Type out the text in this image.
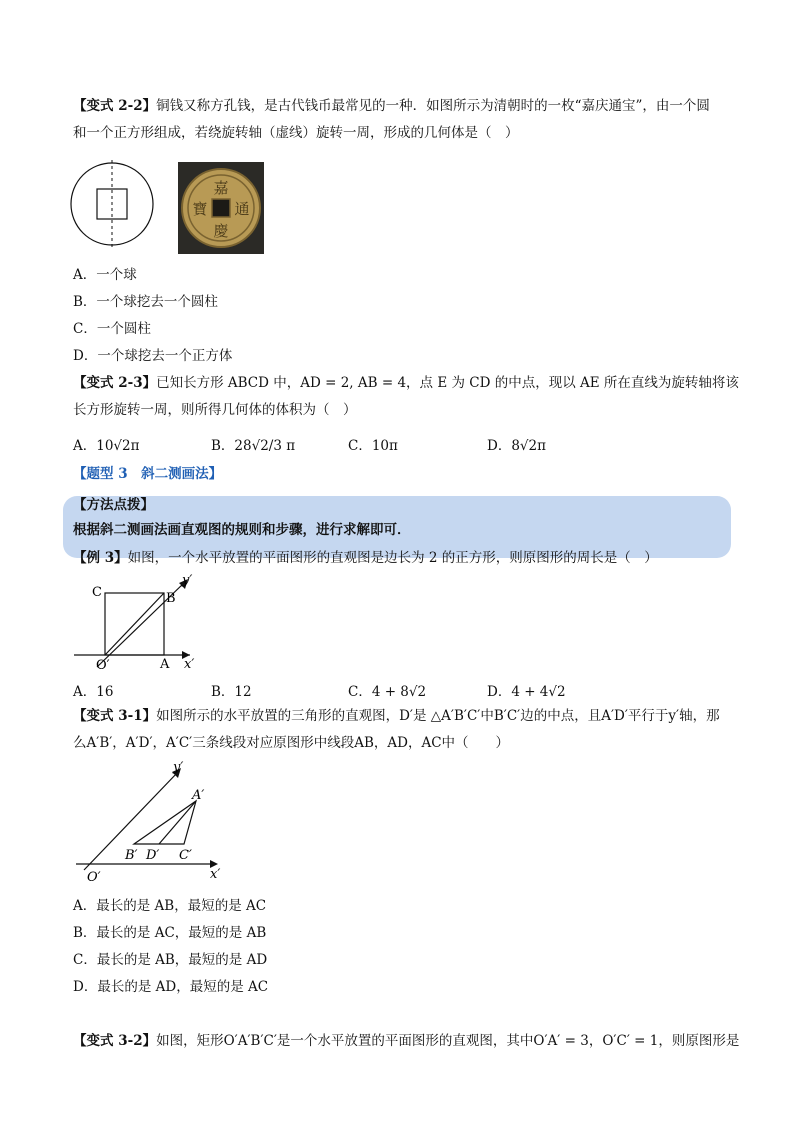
【变式 2-2】铜钱又称方孔钱，是古代钱币最常见的一种．如图所示为清朝时的一枚“嘉庆通宝”，由一个圆
和一个正方形组成，若绕旋转轴（虚线）旋转一周，形成的几何体是（　）
嘉
慶
通
寶
A．一个球
B．一个球挖去一个圆柱
C．一个圆柱
D．一个球挖去一个正方体
【变式 2-3】已知长方形 ABCD 中，AD = 2, AB = 4，点 E 为 CD 的中点，现以 AE 所在直线为旋转轴将该
长方形旋转一周，则所得几何体的体积为（　）
A．10√2π	B．28√2/3 π	C．10π	D．8√2π
【题型 3　斜二测画法】
【方法点拨】
根据斜二测画法画直观图的规则和步骤，进行求解即可．
【例 3】如图，一个水平放置的平面图形的直观图是边长为 2 的正方形，则原图形的周长是（　）
C	B
y′
O′	A x′
A．16	B．12	C．4 + 8√2	D．4 + 4√2
【变式 3-1】如图所示的水平放置的三角形的直观图，D′是 △A′B′C′中B′C′边的中点，且A′D′平行于y′轴，那
么A′B′，A′D′，A′C′三条线段对应原图形中线段AB，AD，AC中（　　）
y′
A′
B′ D′ C′
O′	x′
A．最长的是 AB，最短的是 AC
B．最长的是 AC，最短的是 AB
C．最长的是 AB，最短的是 AD
D．最长的是 AD，最短的是 AC
【变式 3-2】如图，矩形O′A′B′C′是一个水平放置的平面图形的直观图，其中O′A′ = 3，O′C′ = 1，则原图形是
